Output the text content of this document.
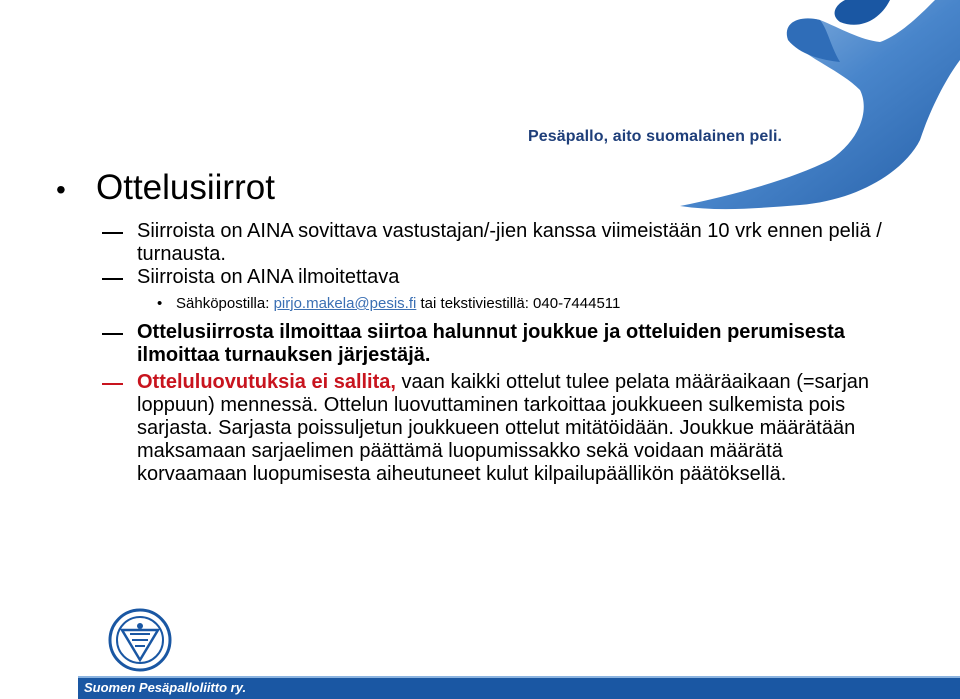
Pesäpallo, aito suomalainen peli.
• Ottelusiirrot
Siirroista on AINA sovittava vastustajan/-jien kanssa viimeistään 10 vrk ennen peliä / turnausta.
Siirroista on AINA ilmoitettava
• Sähköpostilla: pirjo.makela@pesis.fi tai tekstiviestillä: 040-7444511
Ottelusiirrosta ilmoittaa siirtoa halunnut joukkue ja otteluiden perumisesta ilmoittaa turnauksen järjestäjä.
Otteluluovutuksia ei sallita, vaan kaikki ottelut tulee pelata määräaikaan (=sarjan loppuun) mennessä. Ottelun luovuttaminen tarkoittaa joukkueen sulkemista pois sarjasta. Sarjasta poissuljetun joukkueen ottelut mitätöidään. Joukkue määrätään maksamaan sarjaelimen päättämä luopumissakko sekä voidaan määrätä korvaamaan luopumisesta aiheutuneet kulut kilpailupäällikön päätöksellä.
Suomen Pesäpalloliitto ry.
